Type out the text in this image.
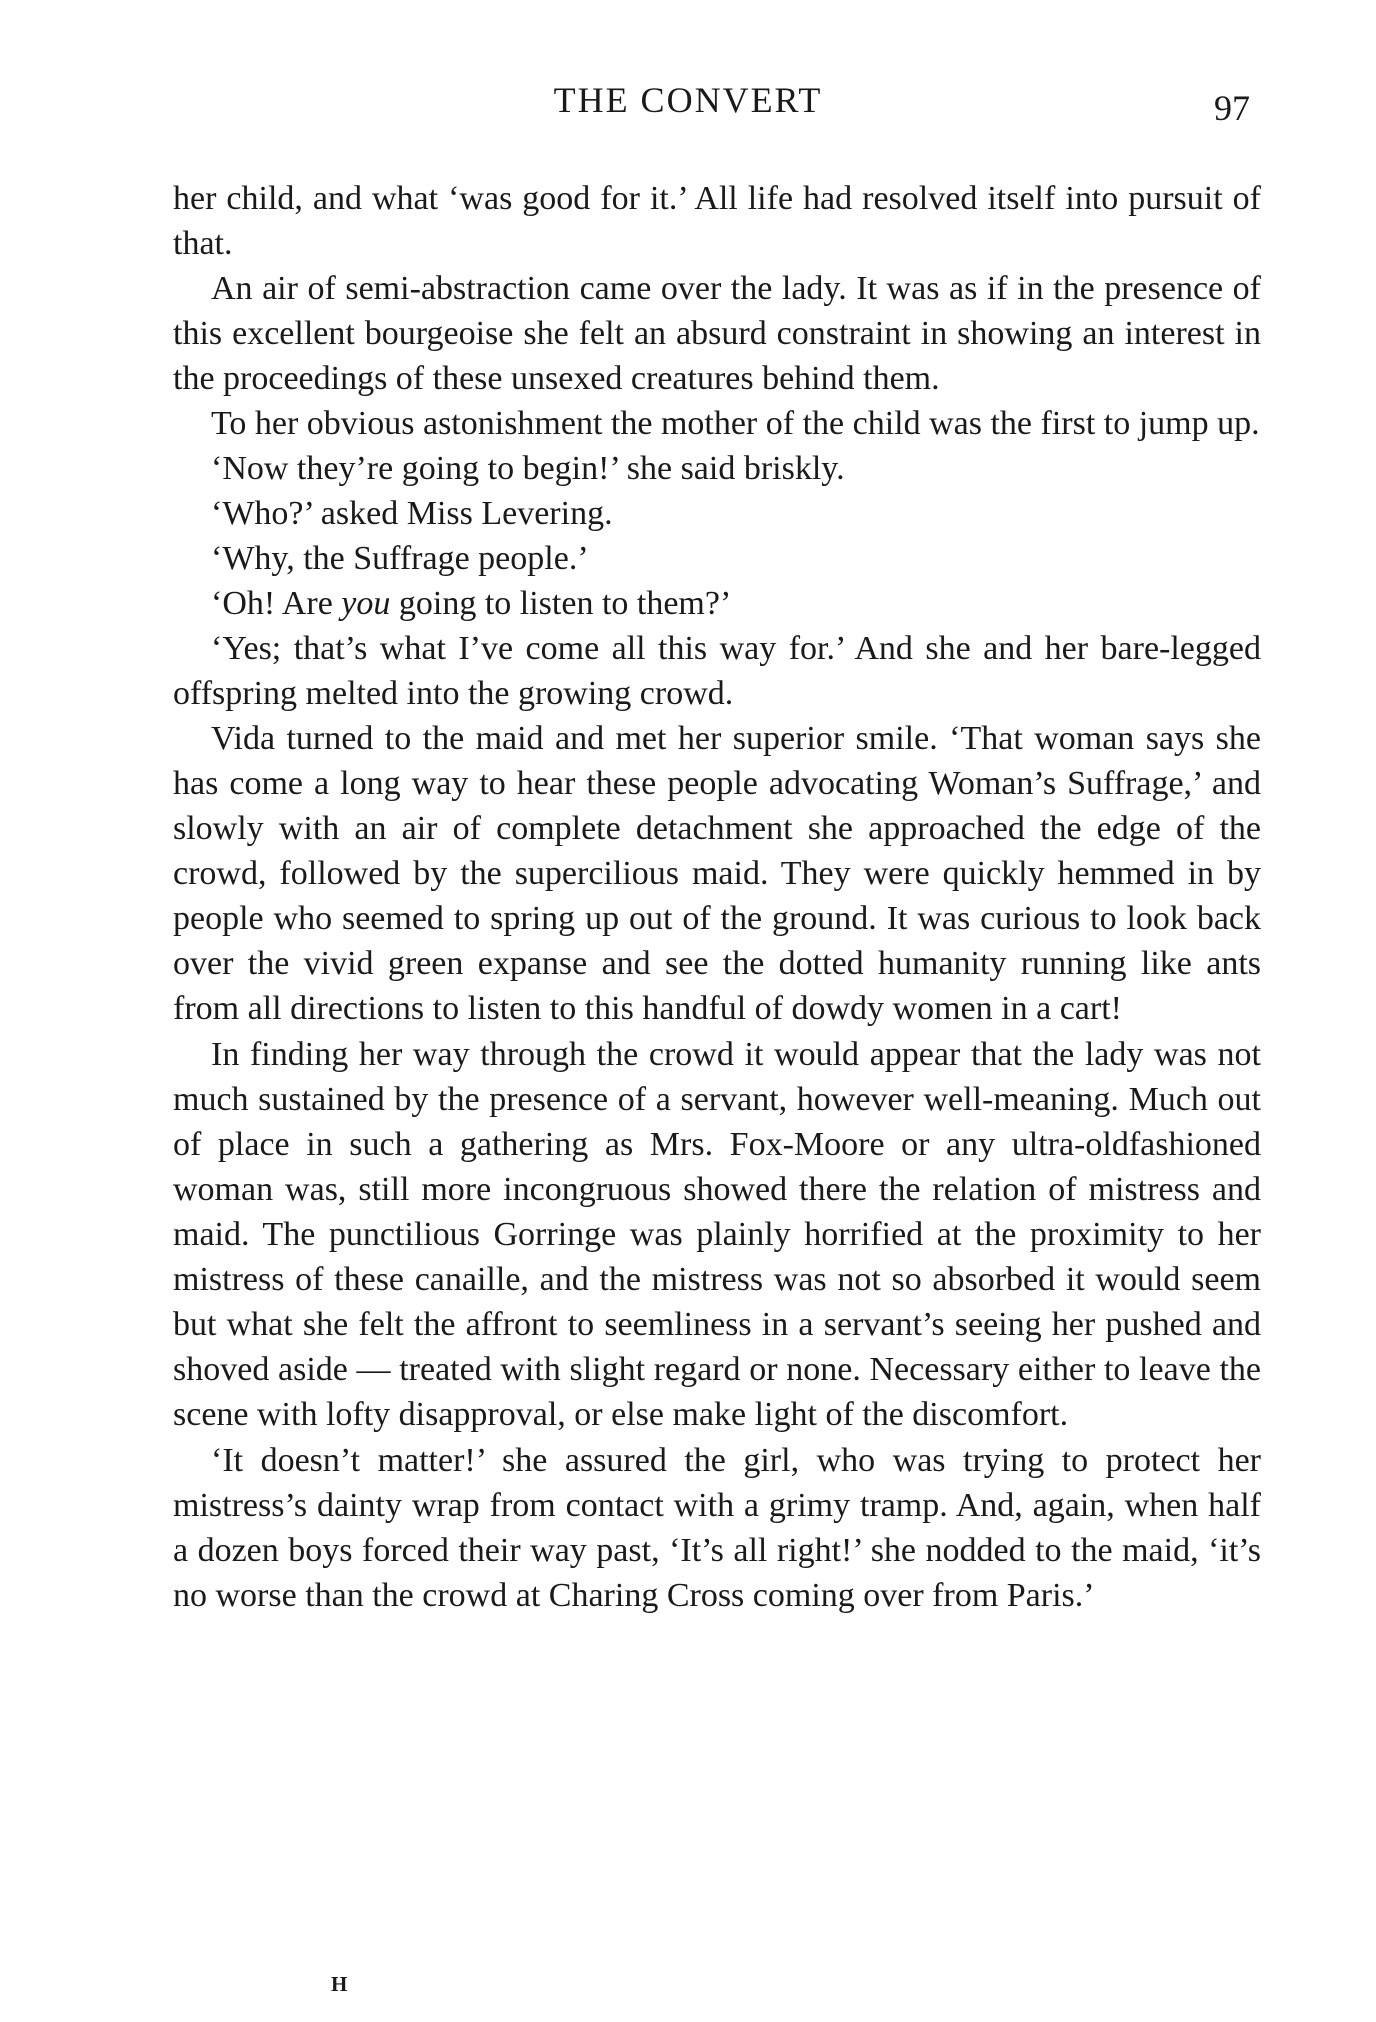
THE CONVERT	97

her child, and what ‘was good for it.’ All life had resolved itself into pursuit of that.

An air of semi-abstraction came over the lady. It was as if in the presence of this excellent bourgeoise she felt an absurd constraint in showing an interest in the proceedings of these unsexed creatures behind them.

To her obvious astonishment the mother of the child was the first to jump up.

‘Now they’re going to begin!’ she said briskly.

‘Who?’ asked Miss Levering.

‘Why, the Suffrage people.’

‘Oh! Are you going to listen to them?’

‘Yes; that’s what I’ve come all this way for.’ And she and her bare-legged offspring melted into the growing crowd.

Vida turned to the maid and met her superior smile. ‘That woman says she has come a long way to hear these people advocating Woman’s Suffrage,’ and slowly with an air of complete detachment she approached the edge of the crowd, followed by the supercilious maid. They were quickly hemmed in by people who seemed to spring up out of the ground. It was curious to look back over the vivid green expanse and see the dotted humanity running like ants from all directions to listen to this handful of dowdy women in a cart!

In finding her way through the crowd it would appear that the lady was not much sustained by the presence of a servant, however well-meaning. Much out of place in such a gathering as Mrs. Fox-Moore or any ultra-oldfashioned woman was, still more incongruous showed there the relation of mistress and maid. The punctilious Gorringe was plainly horrified at the proximity to her mistress of these canaille, and the mistress was not so absorbed it would seem but what she felt the affront to seemliness in a servant’s seeing her pushed and shoved aside — treated with slight regard or none. Necessary either to leave the scene with lofty disapproval, or else make light of the discomfort.

‘It doesn’t matter!’ she assured the girl, who was trying to protect her mistress’s dainty wrap from contact with a grimy tramp. And, again, when half a dozen boys forced their way past, ‘It’s all right!’ she nodded to the maid, ‘it’s no worse than the crowd at Charing Cross coming over from Paris.’

H
